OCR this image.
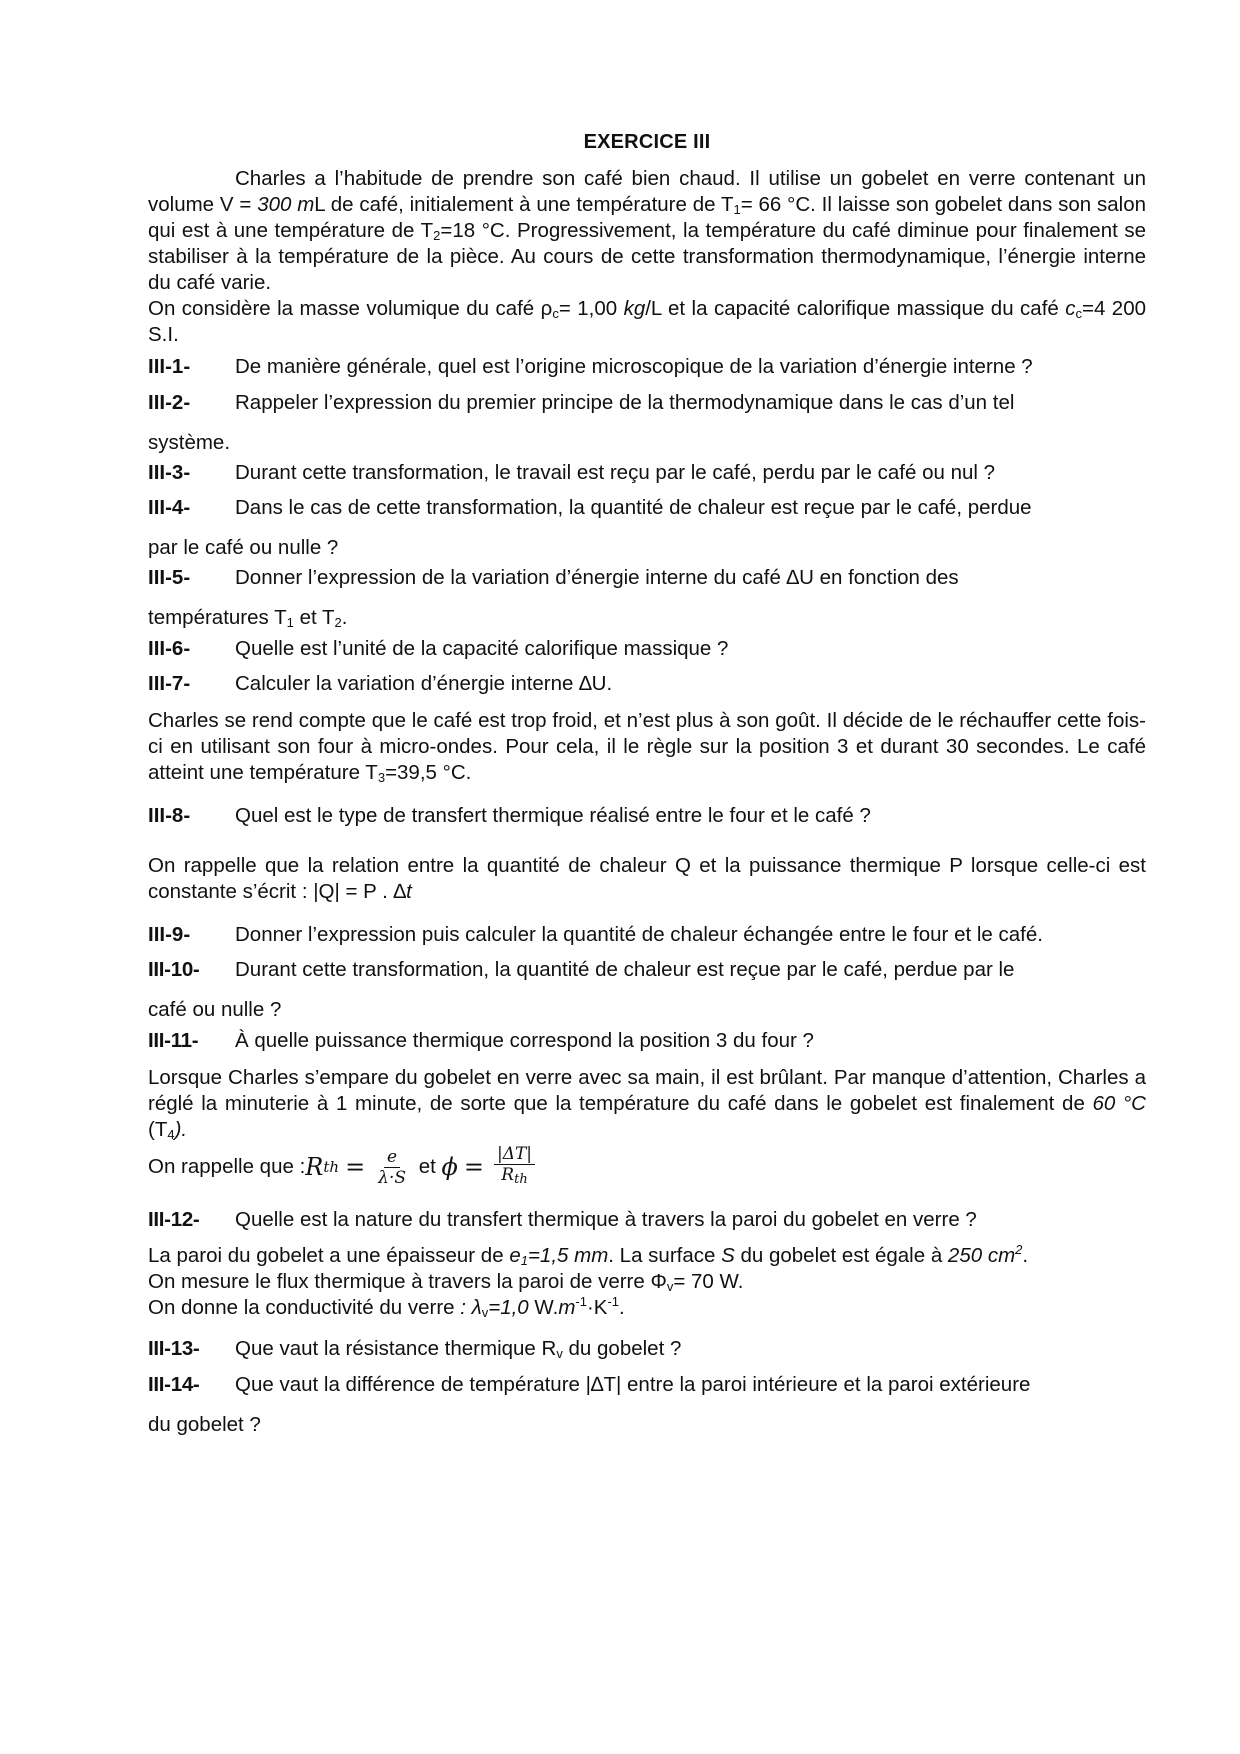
EXERCICE III
Charles a l’habitude de prendre son café bien chaud. Il utilise un gobelet en verre contenant un volume V = 300 mL de café, initialement à une température de $T_1= 66$ °C. Il laisse son gobelet dans son salon qui est à une température de $T_2=18$ °C. Progressivement, la température du café diminue pour finalement se stabiliser à la température de la pièce. Au cours de cette transformation thermodynamique, l’énergie interne du café varie.
On considère la masse volumique du café $\rho_c= 1,00$ kg/L et la capacité calorifique massique du café $c_c=4$ 200 S.I.
III-1- De manière générale, quel est l’origine microscopique de la variation d’énergie interne ?
III-2- Rappeler l’expression du premier principe de la thermodynamique dans le cas d’un tel
système.
III-3- Durant cette transformation, le travail est reçu par le café, perdu par le café ou nul ?
III-4- Dans le cas de cette transformation, la quantité de chaleur est reçue par le café, perdue
par le café ou nulle ?
III-5- Donner l’expression de la variation d’énergie interne du café ∆U en fonction des
températures $T_1$ et $T_2$.
III-6- Quelle est l’unité de la capacité calorifique massique ?
III-7- Calculer la variation d’énergie interne ∆U.
Charles se rend compte que le café est trop froid, et n’est plus à son goût. Il décide de le réchauffer cette fois-ci en utilisant son four à micro-ondes. Pour cela, il le règle sur la position 3 et durant 30 secondes. Le café atteint une température $T_3=39,5$ °C.
III-8- Quel est le type de transfert thermique réalisé entre le four et le café ?
On rappelle que la relation entre la quantité de chaleur Q et la puissance thermique P lorsque celle-ci est constante s’écrit : |Q| = P . ∆t
III-9- Donner l’expression puis calculer la quantité de chaleur échangée entre le four et le café.
III-10- Durant cette transformation, la quantité de chaleur est reçue par le café, perdue par le
café ou nulle ?
III-11- À quelle puissance thermique correspond la position 3 du four ?
Lorsque Charles s’empare du gobelet en verre avec sa main, il est brûlant. Par manque d’attention, Charles a réglé la minuterie à 1 minute, de sorte que la température du café dans le gobelet est finalement de 60 °C $(T_4)$.
On rappelle que : R th = $\frac{e}{\lambda\cdot S}$ et $\phi = \frac{|\Delta T|}{\text{Rth}}$
III-12- Quelle est la nature du transfert thermique à travers la paroi du gobelet en verre ?
La paroi du gobelet a une épaisseur de $e_1=1,5$ mm. La surface S du gobelet est égale à 250 $cm^2$.
On mesure le flux thermique à travers la paroi de verre $\Phi_v= 70$ W.
On donne la conductivité du verre : $\lambda_v=1,0$ $W.m^{-1}\cdot K^{-1}$.
III-13- Que vaut la résistance thermique $R_v$ du gobelet ?
III-14- Que vaut la différence de température |∆T| entre la paroi intérieure et la paroi extérieure
du gobelet ?
